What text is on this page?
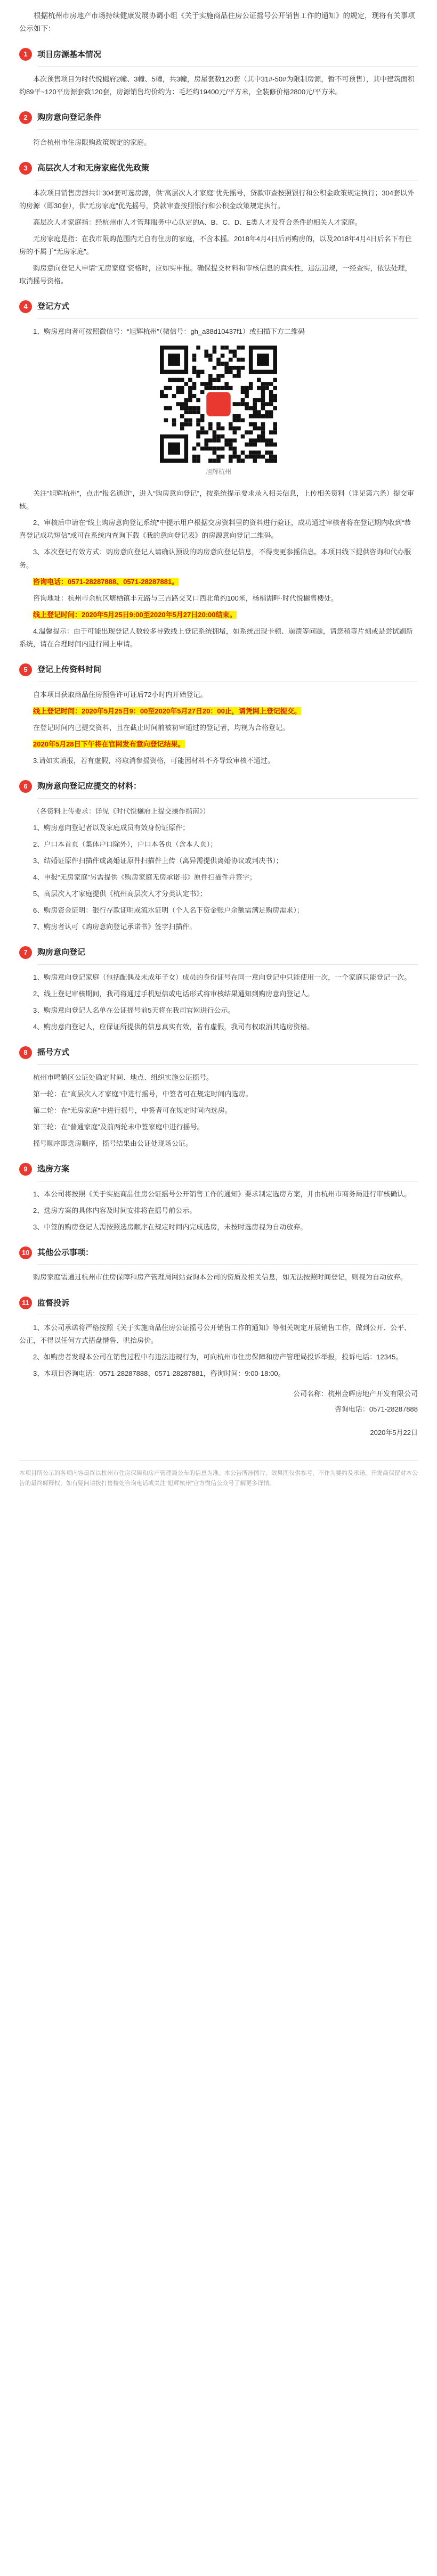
根据杭州市房地产市场持续健康发展协调小组《关于实施商品住房公证摇号公开销售工作的通知》的规定，现将有关事项公示如下：

1	项目房源基本情况

本次预售项目为时代悦樾府2幢、3幢、5幢，共3幢，房屋套数120套（其中31#-50#为限制房源，暂不可预售），其中建筑面积约89平~120平房源套数120套，房源销售均价约为：毛坯约19400元/平方米，全装修价格2800元/平方米。

2	购房意向登记条件

符合杭州市住房限购政策规定的家庭。

3	高层次人才和无房家庭优先政策

本次项目销售房源共计304套可选房源，供“高层次人才家庭”优先摇号，贷款审查按照银行和公积金政策规定执行；304套以外的房源（即30套），供“无房家庭”优先摇号，贷款审查按照银行和公积金政策规定执行。

高层次人才家庭指：经杭州市人才管理服务中心认定的A、B、C、D、E类人才及符合条件的相关人才家庭。

无房家庭是指：在我市限购范围内无自有住房的家庭，不含本摇。2018年4月4日后再购房的，以及2018年4月4日后名下有住房的不属于“无房家庭”。

购房意向登记人申请“无房家庭”资格时，应如实申报。确保提交材料和审核信息的真实性，违法违规，一经查实，依法处理，取消摇号资格。

4	登记方式

1、购房意向者可按照微信号：“旭辉杭州”（微信号：gh_a38d10437f1）或扫描下方二维码

旭辉杭州

关注“旭辉杭州”，点击“报名通道”，进入“购房意向登记”，按系统提示要求录入相关信息，上传相关资料（详见第六条）提交审核。

2、审核后申请在“线上购房意向登记系统”中提示用户根据交房资料里的资料进行验证，成功通过审核者将在登记期内收到“恭喜登记成功短信”或可在系统内查询下载《我的意向登记表》的房源意向登记二维码。

3、本次登记有效方式：购房意向登记人请确认预设的购房意向登记信息，不得变更参摇信息。本项目线下提供咨询和代办服务。

咨询电话：0571-28287888、0571-28287881。

咨询地址：杭州市余杭区塘栖镇丰元路与三吉路交叉口西北角约100米，杨梢湖畔·时代悦樾售楼处。

线上登记时间：2020年5月25日9:00至2020年5月27日20:00结束。

4.温馨提示：由于可能出现登记人数较多导致线上登记系统拥堵，如系统出现卡顿、崩溃等问题，请您稍等片刻或是尝试刷新系统，请在合理时间内进行网上申请。

5	登记上传资料时间

自本项目获取商品住房预售许可证后72小时内开始登记。

线上登记时间：2020年5月25日9：00至2020年5月27日20：00止，请凭网上登记提交。

在登记时间内已提交资料，且在截止时间前被初审通过的登记者，均视为合格登记。

2020年5月28日下午将在官网发布意向登记结果。

3.请如实填报，若有虚假，将取消参摇资格，可能因材料不齐导致审核不通过。

6	购房意向登记应提交的材料：

（各资料上传要求：详见《时代悦樾府上提交操作指南》）

1、购房意向登记者以及家庭成员有效身份证原件；

2、户口本首页（集体户口除外），户口本各页（含本人页）；

3、结婚证原件扫描件或离婚证原件扫描件上传（离异需提供离婚协议或判决书）；

4、申报“无房家庭”另需提供《购房家庭无房承诺书》原件扫描件并签字；

5、高层次人才家庭提供《杭州高层次人才分类认定书》；

6、购房资金证明：银行存款证明或流水证明（个人名下资金账户余额需满足购房需求）；

7、购房者认可《购房意向登记承诺书》签字扫描件。

7	购房意向登记

1、购房意向登记家庭（包括配偶及未成年子女）成员的身份证号在同一意向登记中只能使用一次，一个家庭只能登记一次。

2、线上登记审核期间，我司将通过手机短信或电话形式将审核结果通知到购房意向登记人。

3、购房意向登记人名单在公证摇号前5天将在我司官网进行公示。

4、购房意向登记人，应保证所提供的信息真实有效，若有虚假，我司有权取消其选房资格。

8	摇号方式

杭州市鸣鹤区公证处确定时间、地点、组织实施公证摇号。

第一轮：在“高层次人才家庭”中进行摇号，中签者可在规定时间内选房。

第二轮：在“无房家庭”中进行摇号，中签者可在规定时间内选房。

第三轮：在“普通家庭”及前两轮未中签家庭中进行摇号。

摇号顺序即选房顺序，摇号结果由公证处现场公证。

9	选房方案

1、本公司将按照《关于实施商品住房公证摇号公开销售工作的通知》要求制定选房方案，并由杭州市商务局进行审核确认。

2、选房方案的具体内容及时间安排将在摇号前公示。

3、中签的购房登记人需按照选房顺序在规定时间内完成选房，未按时选房视为自动放弃。

10 其他公示事项：

购房家庭需通过杭州市住房保障和房产管理局网站查询本公司的资质及相关信息，如无法按照时间登记，则视为自动放弃。

11	监督投诉

1、本公司承诺将严格按照《关于实施商品住房公证摇号公开销售工作的通知》等相关规定开展销售工作，做到公开、公平、公正，不得以任何方式捂盘惜售、哄抬房价。

2、如购房者发现本公司在销售过程中有违法违规行为，可向杭州市住房保障和房产管理局投诉举报，投诉电话：12345。

3、本项目咨询电话：0571-28287888、0571-28287881，咨询时间：9:00-18:00。

公司名称：杭州金晖房地产开发有限公司
咨询电话：0571-28287888
2020年5月22日
本项目所公示的各项内容最终以杭州市住房保障和房产管理局公布的信息为准。本公告所涉图片、效果图仅供参考，不作为要约及承诺。开发商保留对本公告的最终解释权，如有疑问请拨打售楼处咨询电话或关注“旭辉杭州”官方微信公众号了解更多详情。
